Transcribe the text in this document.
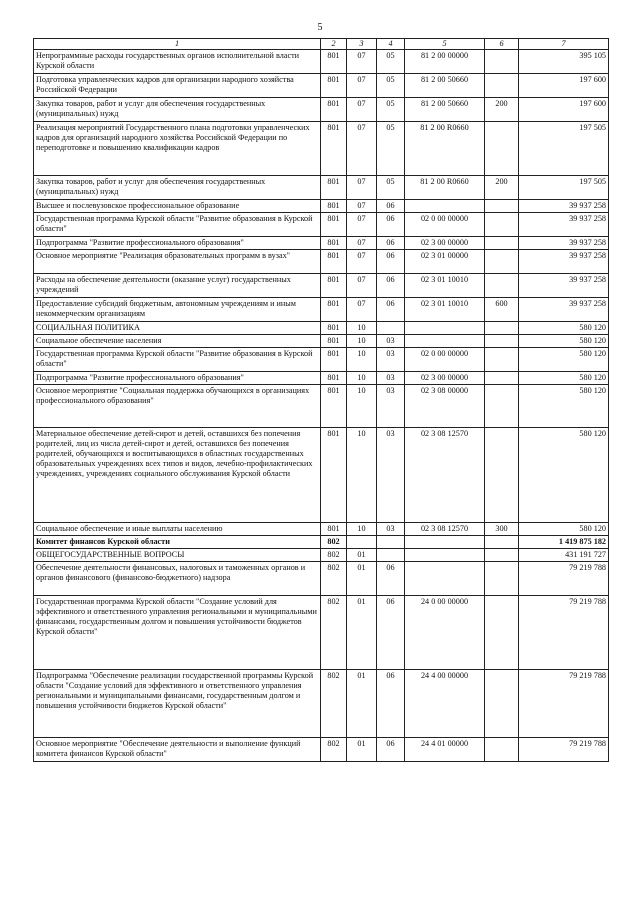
5
1	2	3	4	5	6	7
Непрограммные расходы государственных органов исполнительной власти Курской области	801	07	05	81 2 00 00000		395 105
Подготовка управленческих кадров для организации народного хозяйства Российской Федерации	801	07	05	81 2 00 50660		197 600
Закупка товаров, работ и услуг для обеспечения государственных (муниципальных) нужд	801	07	05	81 2 00 50660	200	197 600
Реализация мероприятий Государственного плана подготовки управленческих кадров для организаций народного хозяйства Российской Федерации по переподготовке и повышению квалификации кадров	801	07	05	81 2 00 R0660		197 505
Закупка товаров, работ и услуг для обеспечения государственных (муниципальных) нужд	801	07	05	81 2 00 R0660	200	197 505
Высшее и послевузовское профессиональное образование	801	07	06			39 937 258
Государственная программа Курской области "Развитие образования в Курской области"	801	07	06	02 0 00 00000		39 937 258
Подпрограмма "Развитие профессионального образования"	801	07	06	02 3 00 00000		39 937 258
Основное мероприятие "Реализация образовательных программ в вузах"	801	07	06	02 3 01 00000		39 937 258
Расходы на обеспечение деятельности (оказание услуг) государственных учреждений	801	07	06	02 3 01 10010		39 937 258
Предоставление субсидий бюджетным, автономным учреждениям и иным некоммерческим организациям	801	07	06	02 3 01 10010	600	39 937 258
СОЦИАЛЬНАЯ ПОЛИТИКА	801	10				580 120
Социальное обеспечение населения	801	10	03			580 120
Государственная программа Курской области "Развитие образования в Курской области"	801	10	03	02 0 00 00000		580 120
Подпрограмма "Развитие профессионального образования"	801	10	03	02 3 00 00000		580 120
Основное мероприятие "Социальная поддержка обучающихся в организациях профессионального образования"	801	10	03	02 3 08 00000		580 120
Материальное обеспечение детей-сирот и детей, оставшихся без попечения родителей, лиц из числа детей-сирот и детей, оставшихся без попечения родителей, обучающихся и воспитывающихся в областных государственных образовательных учреждениях всех типов и видов, лечебно-профилактических учреждениях, учреждениях социального обслуживания Курской области	801	10	03	02 3 08 12570		580 120
Социальное обеспечение и иные выплаты населению	801	10	03	02 3 08 12570	300	580 120
Комитет финансов Курской области	802					1 419 875 182
ОБЩЕГОСУДАРСТВЕННЫЕ ВОПРОСЫ	802	01				431 191 727
Обеспечение деятельности финансовых, налоговых и таможенных органов и органов финансового (финансово-бюджетного) надзора	802	01	06			79 219 788
Государственная программа Курской области "Создание условий для эффективного и ответственного управления региональными и муниципальными финансами, государственным долгом и повышения устойчивости бюджетов Курской области"	802	01	06	24 0 00 00000		79 219 788
Подпрограмма "Обеспечение реализации государственной программы Курской области "Создание условий для эффективного и ответственного управления региональными и муниципальными финансами, государственным долгом и повышения устойчивости бюджетов Курской области"	802	01	06	24 4 00 00000		79 219 788
Основное мероприятие "Обеспечение деятельности и выполнение функций комитета финансов Курской области"	802	01	06	24 4 01 00000		79 219 788
